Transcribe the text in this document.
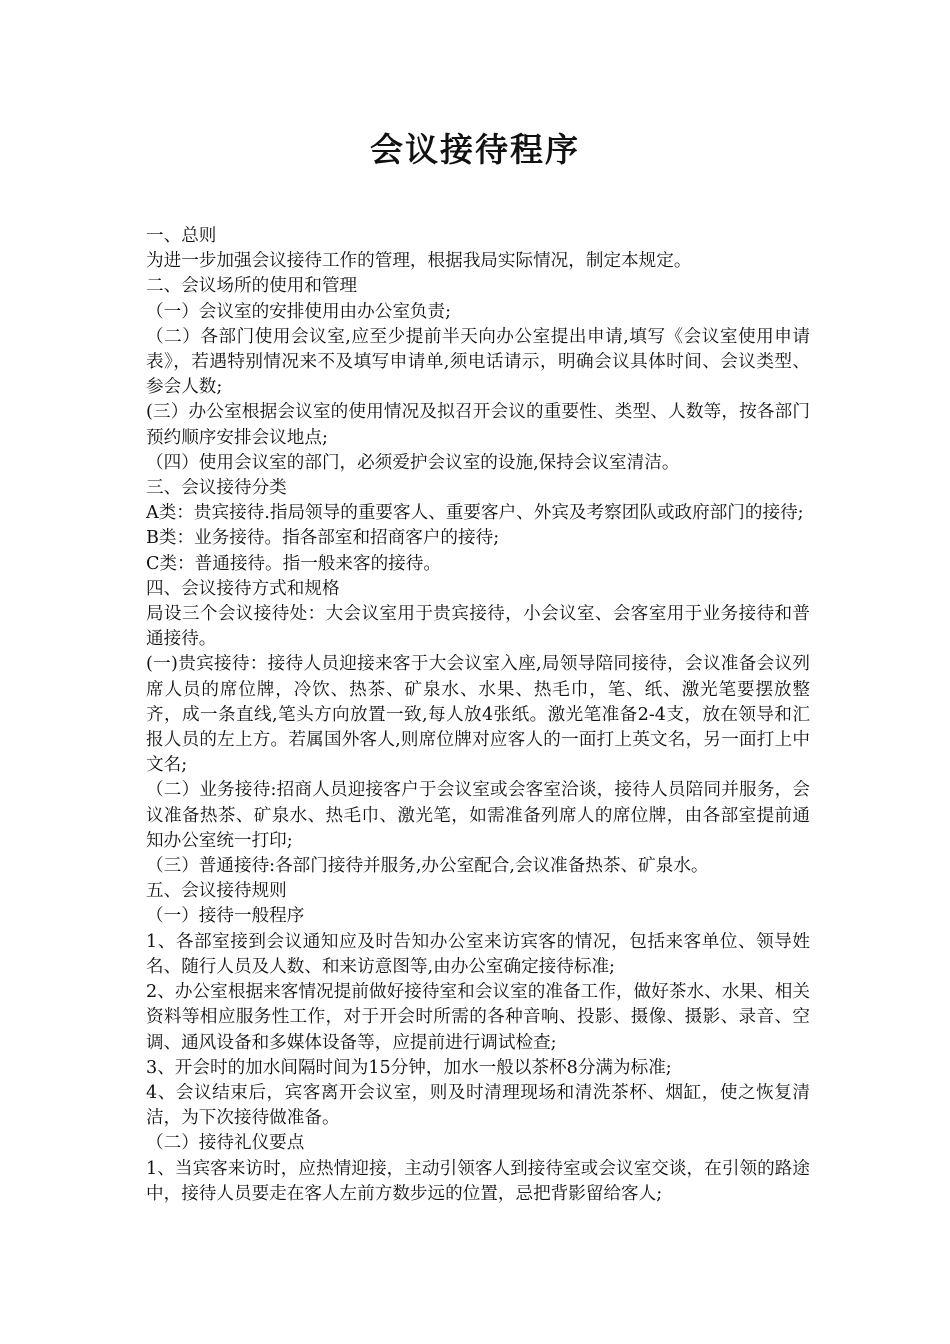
会议接待程序

一、总则

为进一步加强会议接待工作的管理，根据我局实际情况，制定本规定。

二、会议场所的使用和管理

（一）会议室的安排使用由办公室负责;

（二）各部门使用会议室,应至少提前半天向办公室提出申请,填写《会议室使用申请表》，若遇特别情况来不及填写申请单,须电话请示，明确会议具体时间、会议类型、参会人数;

(三）办公室根据会议室的使用情况及拟召开会议的重要性、类型、人数等，按各部门预约顺序安排会议地点;

（四）使用会议室的部门，必须爱护会议室的设施,保持会议室清洁。

三、会议接待分类

A类：贵宾接待.指局领导的重要客人、重要客户、外宾及考察团队或政府部门的接待;

B类：业务接待。指各部室和招商客户的接待;

C类：普通接待。指一般来客的接待。

四、会议接待方式和规格

局设三个会议接待处：大会议室用于贵宾接待，小会议室、会客室用于业务接待和普通接待。

(一)贵宾接待：接待人员迎接来客于大会议室入座,局领导陪同接待，会议准备会议列席人员的席位牌，冷饮、热茶、矿泉水、水果、热毛巾，笔、纸、激光笔要摆放整齐，成一条直线,笔头方向放置一致,每人放4张纸。激光笔准备2-4支，放在领导和汇报人员的左上方。若属国外客人,则席位牌对应客人的一面打上英文名，另一面打上中文名;

（二）业务接待:招商人员迎接客户于会议室或会客室洽谈，接待人员陪同并服务，会议准备热茶、矿泉水、热毛巾、激光笔，如需准备列席人的席位牌，由各部室提前通知办公室统一打印;

（三）普通接待:各部门接待并服务,办公室配合,会议准备热茶、矿泉水。

五、会议接待规则

（一）接待一般程序

1、各部室接到会议通知应及时告知办公室来访宾客的情况，包括来客单位、领导姓名、随行人员及人数、和来访意图等,由办公室确定接待标准;

2、办公室根据来客情况提前做好接待室和会议室的准备工作，做好茶水、水果、相关资料等相应服务性工作，对于开会时所需的各种音响、投影、摄像、摄影、录音、空调、通风设备和多媒体设备等，应提前进行调试检查;

3、开会时的加水间隔时间为15分钟，加水一般以茶杯8分满为标准;

4、会议结束后，宾客离开会议室，则及时清理现场和清洗茶杯、烟缸，使之恢复清洁，为下次接待做准备。

（二）接待礼仪要点

1、当宾客来访时，应热情迎接，主动引领客人到接待室或会议室交谈，在引领的路途中，接待人员要走在客人左前方数步远的位置，忌把背影留给客人;
